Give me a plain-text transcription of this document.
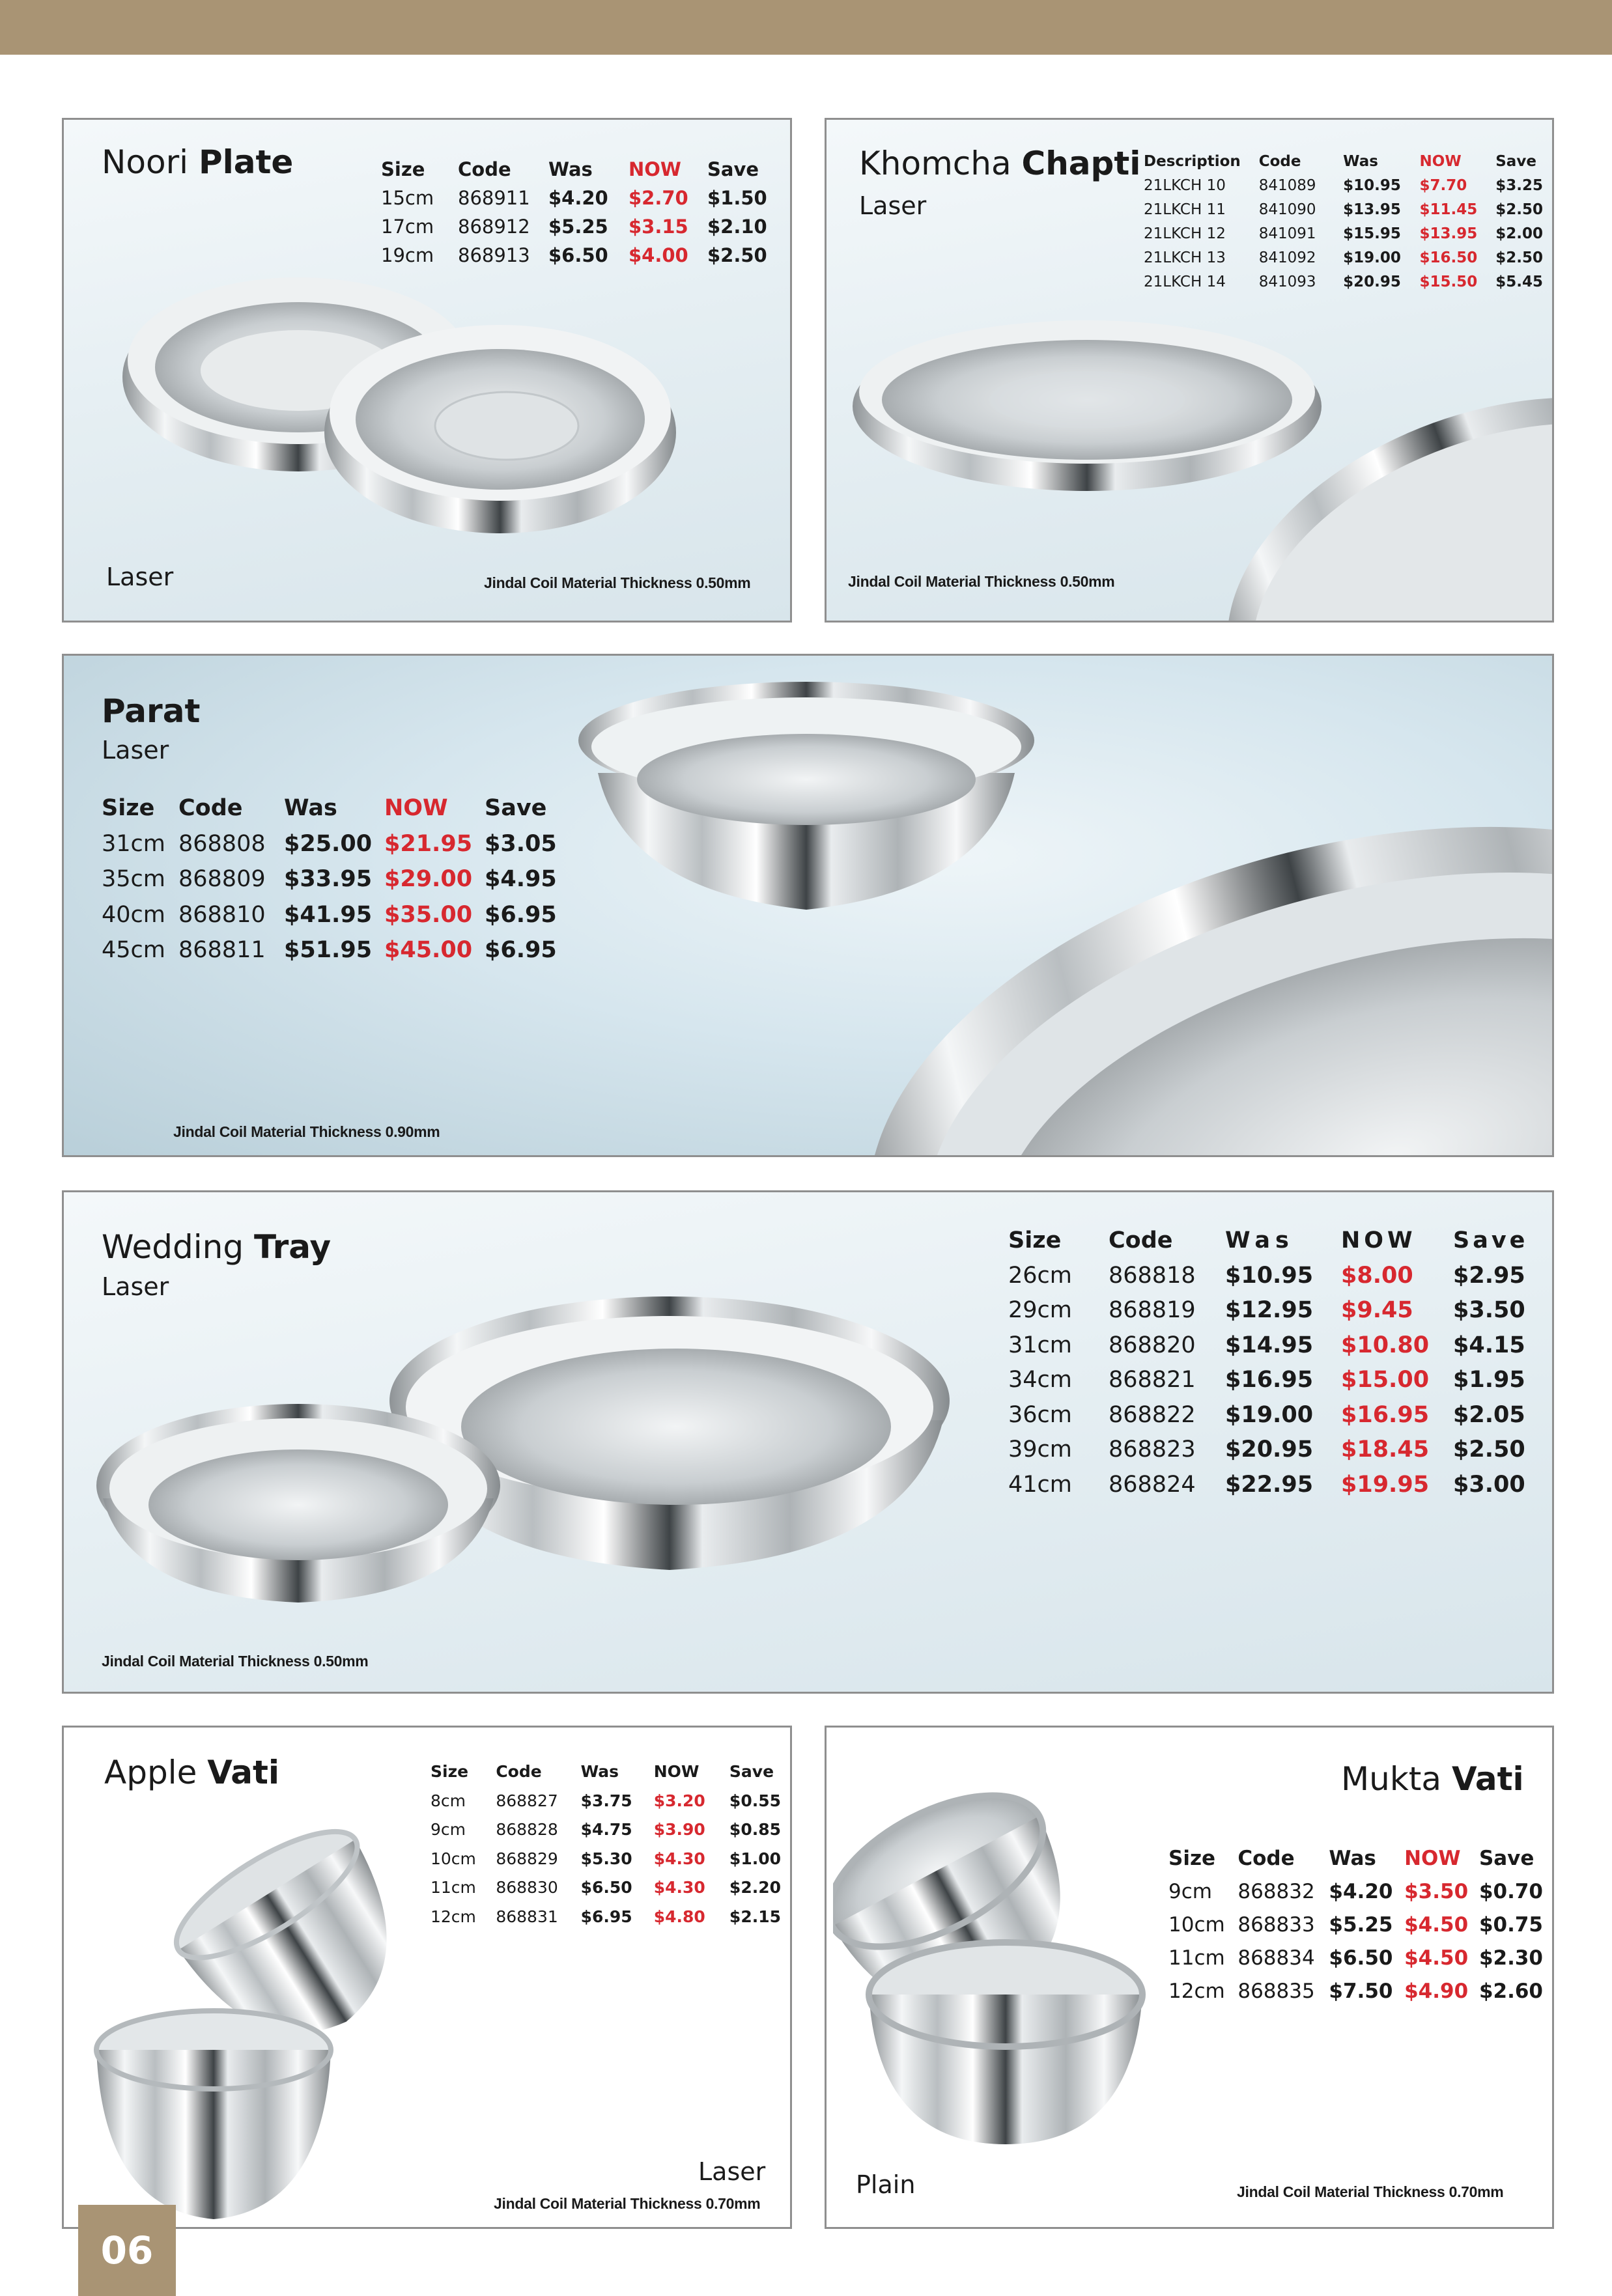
Noori Plate	Size	Code	Was	NOW	Save
15cm	868911	$4.20	$2.70	$1.50
17cm	868912	$5.25	$3.15	$2.10
19cm	868913	$6.50	$4.00	$2.50
Laser	Jindal Coil Material Thickness 0.50mm
Khomcha Chapti
Laser
Description	Code	Was	NOW	Save
21LKCH 10	841089	$10.95	$7.70	$3.25
21LKCH 11	841090	$13.95	$11.45	$2.50
21LKCH 12	841091	$15.95	$13.95	$2.00
21LKCH 13	841092	$19.00	$16.50	$2.50
21LKCH 14	841093	$20.95	$15.50	$5.45
Jindal Coil Material Thickness 0.50mm
Parat
Laser
Size	Code	Was	NOW	Save
31cm	868808	$25.00	$21.95	$3.05
35cm	868809	$33.95	$29.00	$4.95
40cm	868810	$41.95	$35.00	$6.95
45cm	868811	$51.95	$45.00	$6.95
Jindal Coil Material Thickness 0.90mm
Wedding Tray
Laser
Size	Code	Was	NOW	Save
26cm	868818	$10.95	$8.00	$2.95
29cm	868819	$12.95	$9.45	$3.50
31cm	868820	$14.95	$10.80	$4.15
34cm	868821	$16.95	$15.00	$1.95
36cm	868822	$19.00	$16.95	$2.05
39cm	868823	$20.95	$18.45	$2.50
41cm	868824	$22.95	$19.95	$3.00
Jindal Coil Material Thickness 0.50mm
Apple Vati	Size	Code	Was	NOW	Save
8cm	868827	$3.75	$3.20	$0.55
9cm	868828	$4.75	$3.90	$0.85
10cm	868829	$5.30	$4.30	$1.00
11cm	868830	$6.50	$4.30	$2.20
12cm	868831	$6.95	$4.80	$2.15
Laser
Jindal Coil Material Thickness 0.70mm
Mukta Vati
Size	Code	Was	NOW	Save
9cm	868832	$4.20	$3.50	$0.70
10cm	868833	$5.25	$4.50	$0.75
11cm	868834	$6.50	$4.50	$2.30
12cm	868835	$7.50	$4.90	$2.60
Plain	Jindal Coil Material Thickness 0.70mm
06
